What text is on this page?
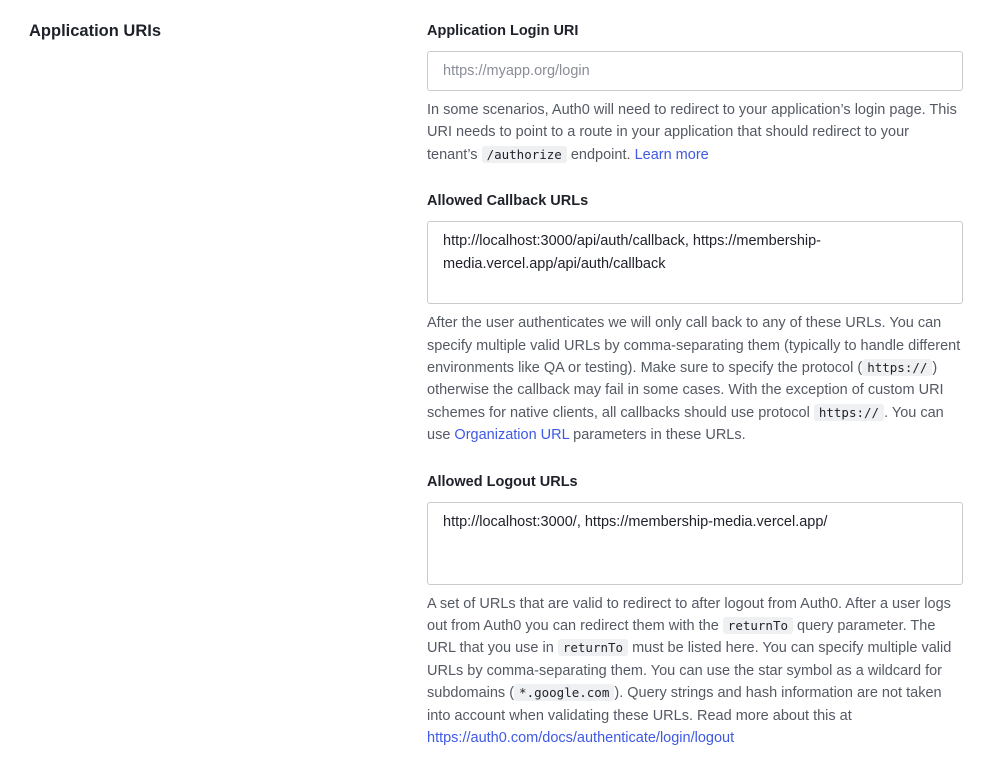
Application URIs	Application Login URI
https://myapp.org/login

In some scenarios, Auth0 will need to redirect to your application’s login page. This URI needs to point to a route in your application that should redirect to your tenant’s /authorize endpoint. Learn more

Allowed Callback URLs
http://localhost:3000/api/auth/callback, https://membership-media.vercel.app/api/auth/callback

After the user authenticates we will only call back to any of these URLs. You can specify multiple valid URLs by comma-separating them (typically to handle different environments like QA or testing). Make sure to specify the protocol ( https:// ) otherwise the callback may fail in some cases. With the exception of custom URI schemes for native clients, all callbacks should use protocol https:// . You can use Organization URL parameters in these URLs.

Allowed Logout URLs
http://localhost:3000/, https://membership-media.vercel.app/

A set of URLs that are valid to redirect to after logout from Auth0. After a user logs out from Auth0 you can redirect them with the returnTo query parameter. The URL that you use in returnTo must be listed here. You can specify multiple valid URLs by comma-separating them. You can use the star symbol as a wildcard for subdomains ( *.google.com ). Query strings and hash information are not taken into account when validating these URLs. Read more about this at https://auth0.com/docs/authenticate/login/logout
